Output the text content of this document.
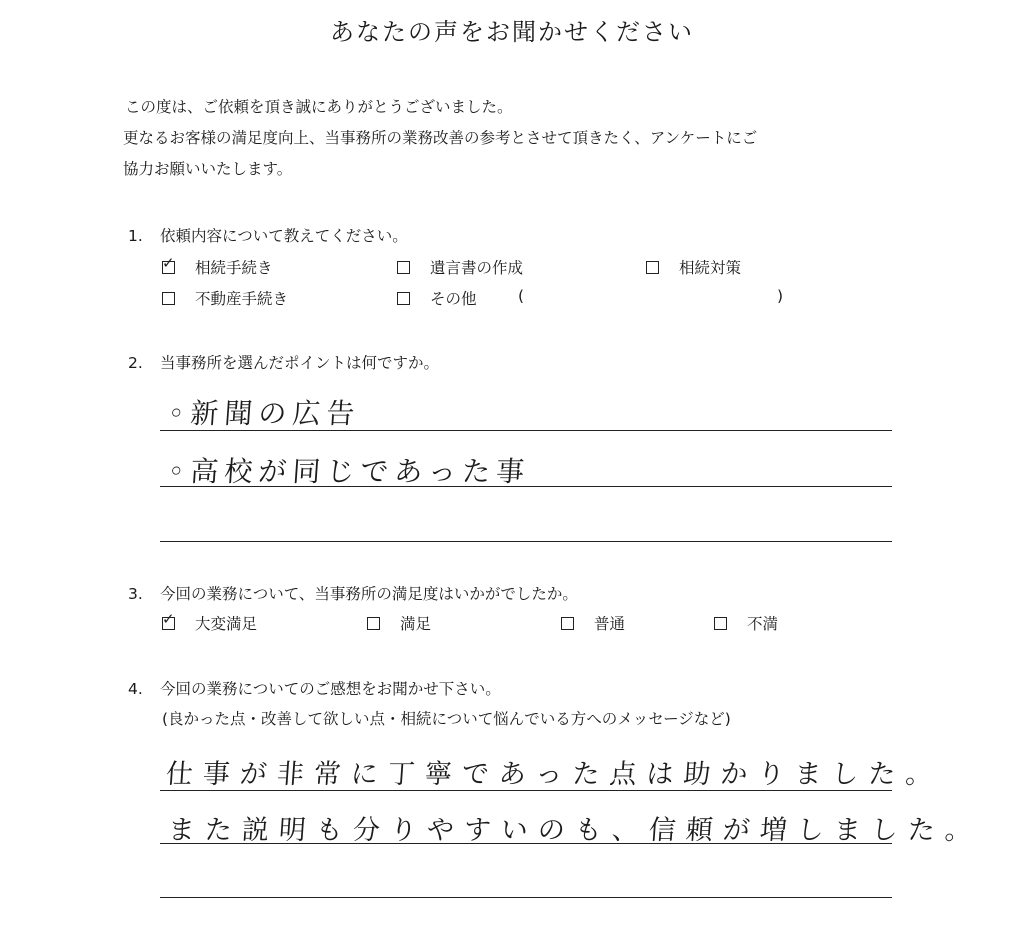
あなたの声をお聞かせください
この度は、ご依頼を頂き誠にありがとうございました。
更なるお客様の満足度向上、当事務所の業務改善の参考とさせて頂きたく、アンケートにご
協力お願いいたします。
1. 依頼内容について教えてください。
✓ 相続手続き	遺言書の作成	相続対策
不動産手続き	その他	(	)
2. 当事務所を選んだポイントは何ですか。
◦新聞の広告
◦高校が同じであった事
3. 今回の業務について、当事務所の満足度はいかがでしたか。
✓ 大変満足	満足	普通	不満
4. 今回の業務についてのご感想をお聞かせ下さい。
(良かった点・改善して欲しい点・相続について悩んでいる方へのメッセージなど)
仕事が非常に丁寧であった点は助かりました。
また説明も分りやすいのも、信頼が増しました。
